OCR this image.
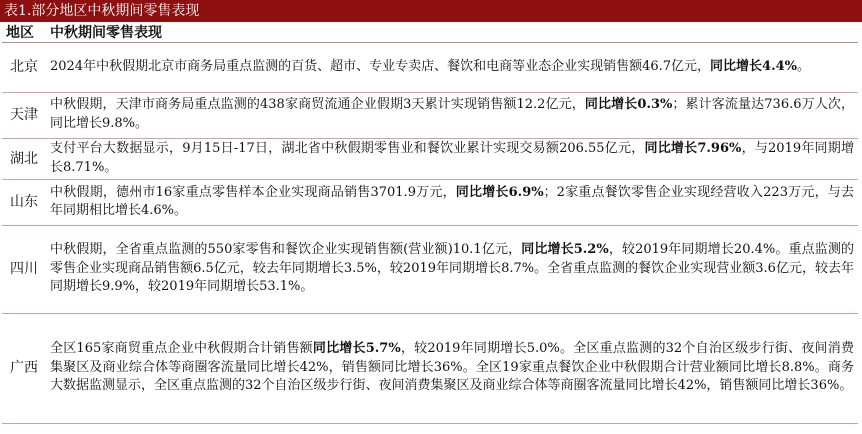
表1.部分地区中秋期间零售表现
地区	中秋期间零售表现
北京	2024年中秋假期北京市商务局重点监测的百货、超市、专业专卖店、餐饮和电商等业态企业实现销售额46.7亿元，同比增长4.4%。
天津	中秋假期，天津市商务局重点监测的438家商贸流通企业假期3天累计实现销售额12.2亿元，同比增长0.3%；累计客流量达736.6万人次，同比增长9.8%。
湖北	支付平台大数据显示，9月15日-17日，湖北省中秋假期零售业和餐饮业累计实现交易额206.55亿元，同比增长7.96%，与2019年同期增长8.71%。
山东	中秋假期，德州市16家重点零售样本企业实现商品销售3701.9万元，同比增长6.9%；2家重点餐饮零售企业实现经营收入223万元，与去年同期相比增长4.6%。
四川	中秋假期，全省重点监测的550家零售和餐饮企业实现销售额(营业额)10.1亿元，同比增长5.2%，较2019年同期增长20.4%。重点监测的零售企业实现商品销售额6.5亿元，较去年同期增长3.5%，较2019年同期增长8.7%。全省重点监测的餐饮企业实现营业额3.6亿元，较去年同期增长9.9%，较2019年同期增长53.1%。
广西	全区165家商贸重点企业中秋假期合计销售额同比增长5.7%，较2019年同期增长5.0%。全区重点监测的32个自治区级步行街、夜间消费集聚区及商业综合体等商圈客流量同比增长42%，销售额同比增长36%。全区19家重点餐饮企业中秋假期合计营业额同比增长8.8%。商务大数据监测显示，全区重点监测的32个自治区级步行街、夜间消费集聚区及商业综合体等商圈客流量同比增长42%，销售额同比增长36%。
